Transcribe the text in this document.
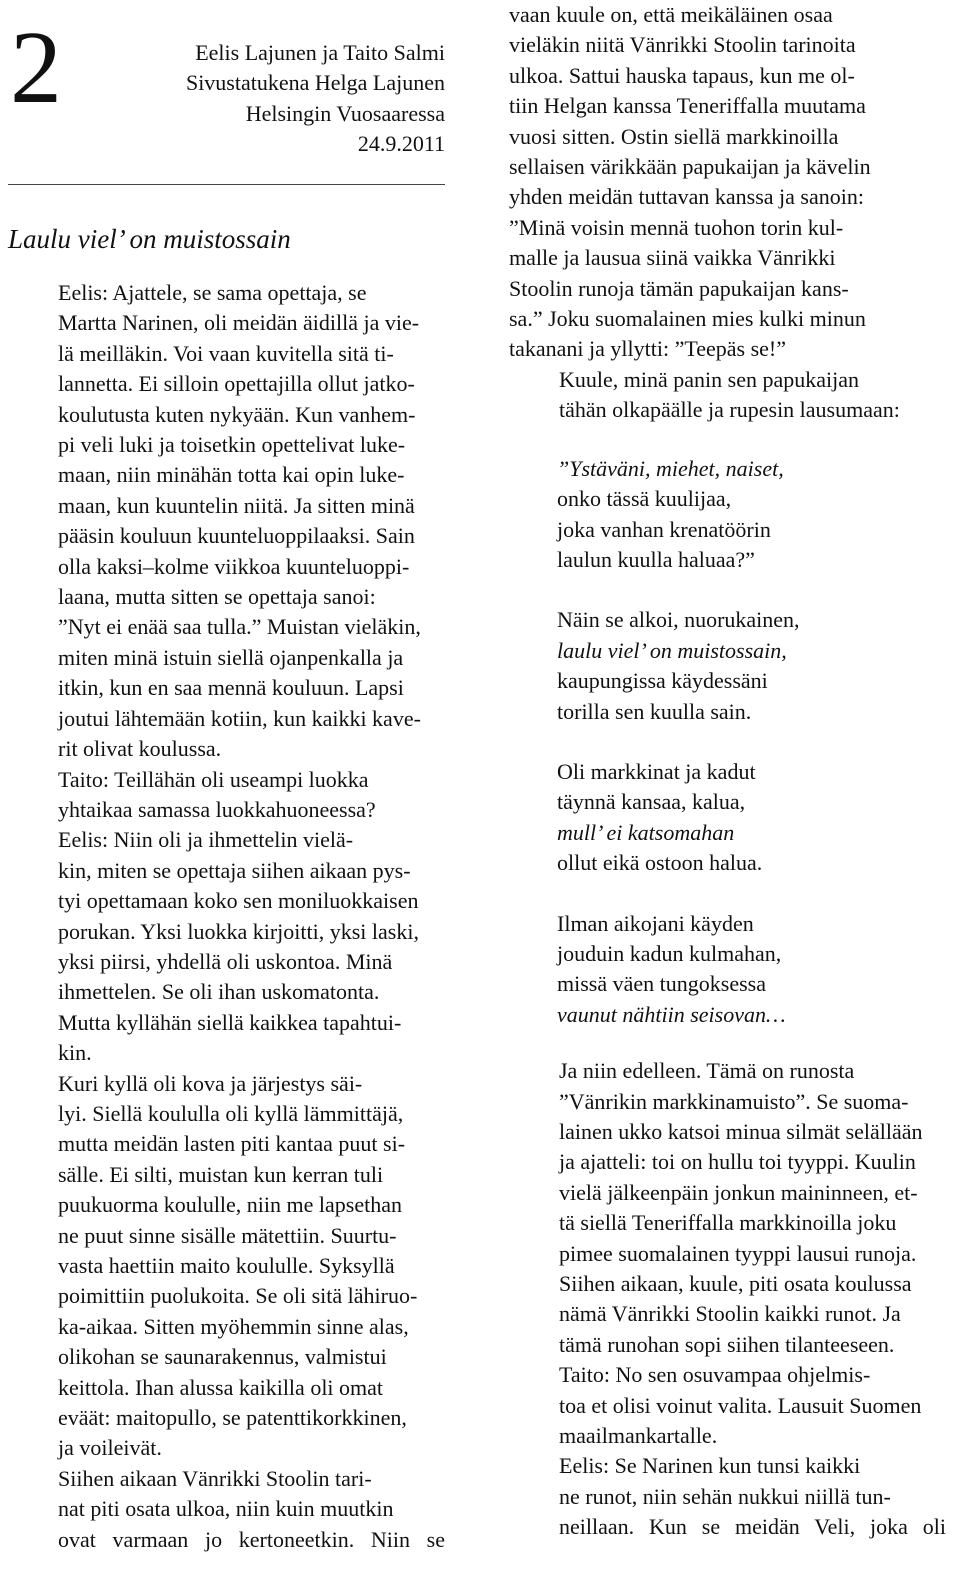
2	Eelis Lajunen ja Taito Salmi
Sivustatukena Helga Lajunen
Helsingin Vuosaaressa
24.9.2011
Laulu viel’ on muistossain
Eelis: Ajattele, se sama opettaja, se
Martta Narinen, oli meidän äidillä ja vie-
lä meilläkin. Voi vaan kuvitella sitä ti-
lannetta. Ei silloin opettajilla ollut jatko-
koulutusta kuten nykyään. Kun vanhem-
pi veli luki ja toisetkin opettelivat luke-
maan, niin minähän totta kai opin luke-
maan, kun kuuntelin niitä. Ja sitten minä
pääsin kouluun kuunteluoppilaaksi. Sain
olla kaksi–kolme viikkoa kuunteluoppi-
laana, mutta sitten se opettaja sanoi:
”Nyt ei enää saa tulla.” Muistan vieläkin,
miten minä istuin siellä ojanpenkalla ja
itkin, kun en saa mennä kouluun. Lapsi
joutui lähtemään kotiin, kun kaikki kave-
rit olivat koulussa.
Taito: Teillähän oli useampi luokka
yhtaikaa samassa luokkahuoneessa?
Eelis: Niin oli ja ihmettelin vielä-
kin, miten se opettaja siihen aikaan pys-
tyi opettamaan koko sen moniluokkaisen
porukan. Yksi luokka kirjoitti, yksi laski,
yksi piirsi, yhdellä oli uskontoa. Minä
ihmettelen. Se oli ihan uskomatonta.
Mutta kyllähän siellä kaikkea tapahtui-
kin.
Kuri kyllä oli kova ja järjestys säi-
lyi. Siellä koululla oli kyllä lämmittäjä,
mutta meidän lasten piti kantaa puut si-
sälle. Ei silti, muistan kun kerran tuli
puukuorma koululle, niin me lapsethan
ne puut sinne sisälle mätettiin. Suurtu-
vasta haettiin maito koululle. Syksyllä
poimittiin puolukoita. Se oli sitä lähiruo-
ka-aikaa. Sitten myöhemmin sinne alas,
olikohan se saunarakennus, valmistui
keittola. Ihan alussa kaikilla oli omat
eväät: maitopullo, se patenttikorkkinen,
ja voileivät.
Siihen aikaan Vänrikki Stoolin tari-
nat piti osata ulkoa, niin kuin muutkin
ovat varmaan jo kertoneetkin. Niin se
vaan kuule on, että meikäläinen osaa
vieläkin niitä Vänrikki Stoolin tarinoita
ulkoa. Sattui hauska tapaus, kun me ol-
tiin Helgan kanssa Teneriffalla muutama
vuosi sitten. Ostin siellä markkinoilla
sellaisen värikkään papukaijan ja kävelin
yhden meidän tuttavan kanssa ja sanoin:
”Minä voisin mennä tuohon torin kul-
malle ja lausua siinä vaikka Vänrikki
Stoolin runoja tämän papukaijan kans-
sa.” Joku suomalainen mies kulki minun
takanani ja yllytti: ”Teepäs se!”
Kuule, minä panin sen papukaijan
tähän olkapäälle ja rupesin lausumaan:
”Ystäväni, miehet, naiset,
onko tässä kuulijaa,
joka vanhan krenatöörin
laulun kuulla haluaa?”
Näin se alkoi, nuorukainen,
laulu viel’ on muistossain,
kaupungissa käydessäni
torilla sen kuulla sain.
Oli markkinat ja kadut
täynnä kansaa, kalua,
mull’ ei katsomahan
ollut eikä ostoon halua.
Ilman aikojani käyden
jouduin kadun kulmahan,
missä väen tungoksessa
vaunut nähtiin seisovan…
Ja niin edelleen. Tämä on runosta
”Vänrikin markkinamuisto”. Se suoma-
lainen ukko katsoi minua silmät selällään
ja ajatteli: toi on hullu toi tyyppi. Kuulin
vielä jälkeenpäin jonkun maininneen, et-
tä siellä Teneriffalla markkinoilla joku
pimee suomalainen tyyppi lausui runoja.
Siihen aikaan, kuule, piti osata koulussa
nämä Vänrikki Stoolin kaikki runot. Ja
tämä runohan sopi siihen tilanteeseen.
Taito: No sen osuvampaa ohjelmis-
toa et olisi voinut valita. Lausuit Suomen
maailmankartalle.
Eelis: Se Narinen kun tunsi kaikki
ne runot, niin sehän nukkui niillä tun-
neillaan. Kun se meidän Veli, joka oli
